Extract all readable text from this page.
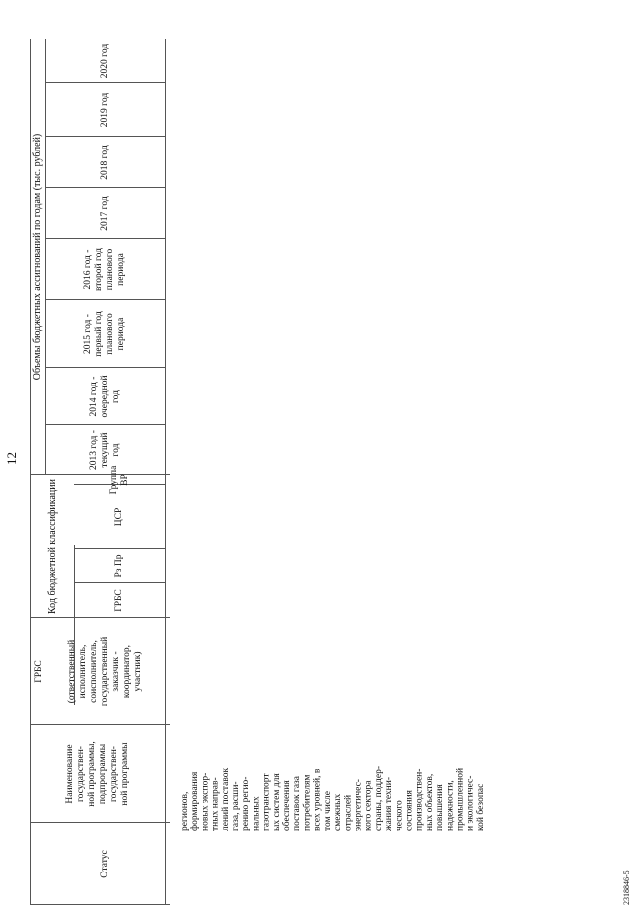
12
Статус
Наименование
государствен-
ной программы,
подпрограммы
государствен-
ной программы
ГРБС	(ответственный
исполнитель,
соисполнитель,
государственный
заказчик -
координатор,
участник)
Код бюджетной классификации	ГРБС
Рз Пр
ЦСР
Группа
ВР
Объемы бюджетных ассигнований по годам (тыс. рублей)
2013 год -
текущий
год
2014 год -
очередной
год
2015 год -
первый год
планового
периода
2016 год -
второй год
планового
периода
2017 год
2018 год
2019 год
2020 год
2318846-5
регионов,
формирования
новых экспор-
тных направ-
лений поставок
газа, расши-
рению регио-
нальных
газотранспорт
ых систем для
обеспечения
поставок газа
потребителям
всех уровней, в
том числе
смежных
отраслей
энергетичес-
кого сектора
страны, поддер-
жания техни-
ческого
состояния
производствен-
ных объектов,
повышения
надежности,
промышленной
и экологичес-
кой безопас
